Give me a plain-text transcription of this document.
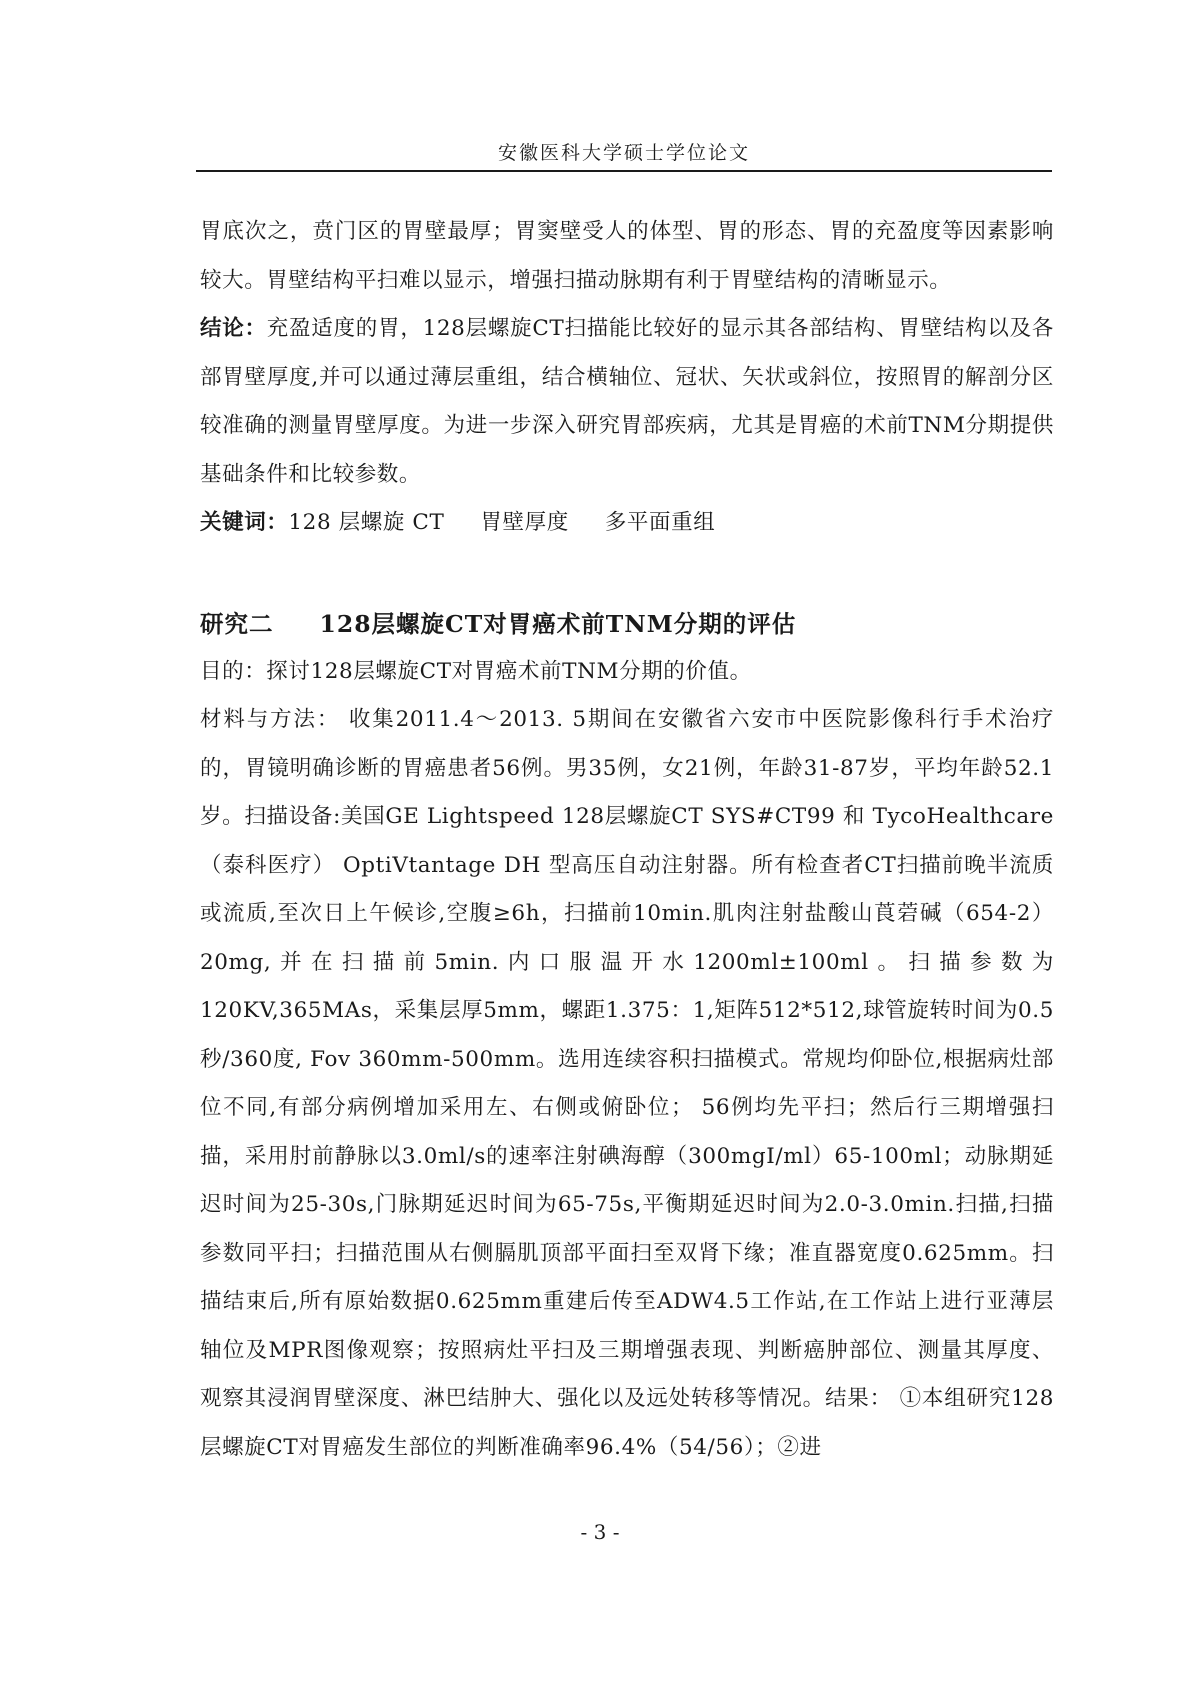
安徽医科大学硕士学位论文

胃底次之，贲门区的胃壁最厚；胃窦壁受人的体型、胃的形态、胃的充盈度等因素影响较大。胃壁结构平扫难以显示，增强扫描动脉期有利于胃壁结构的清晰显示。

结论：充盈适度的胃，128层螺旋CT扫描能比较好的显示其各部结构、胃壁结构以及各部胃壁厚度,并可以通过薄层重组，结合横轴位、冠状、矢状或斜位，按照胃的解剖分区较准确的测量胃壁厚度。为进一步深入研究胃部疾病，尤其是胃癌的术前TNM分期提供基础条件和比较参数。

关键词：128 层螺旋 CT 胃壁厚度 多平面重组

研究二 128层螺旋CT对胃癌术前TNM分期的评估

目的：探讨128层螺旋CT对胃癌术前TNM分期的价值。

材料与方法： 收集2011.4～2013. 5期间在安徽省六安市中医院影像科行手术治疗的，胃镜明确诊断的胃癌患者56例。男35例，女21例，年龄31-87岁，平均年龄52.1岁。扫描设备:美国GE Lightspeed 128层螺旋CT SYS#CT99 和 TycoHealthcare（泰科医疗） OptiVtantage DH 型高压自动注射器。所有检查者CT扫描前晚半流质或流质,至次日上午候诊,空腹≥6h，扫描前10min.肌肉注射盐酸山莨菪碱（654-2）20mg,并在扫描前5min.内口服温开水1200ml±100ml。扫描参数为120KV,365MAs，采集层厚5mm，螺距1.375：1,矩阵512*512,球管旋转时间为0.5秒/360度, Fov 360mm-500mm。选用连续容积扫描模式。常规均仰卧位,根据病灶部位不同,有部分病例增加采用左、右侧或俯卧位； 56例均先平扫；然后行三期增强扫描，采用肘前静脉以3.0ml/s的速率注射碘海醇（300mgI/ml）65-100ml；动脉期延迟时间为25-30s,门脉期延迟时间为65-75s,平衡期延迟时间为2.0-3.0min.扫描,扫描参数同平扫；扫描范围从右侧膈肌顶部平面扫至双肾下缘；准直器宽度0.625mm。扫描结束后,所有原始数据0.625mm重建后传至ADW4.5工作站,在工作站上进行亚薄层轴位及MPR图像观察；按照病灶平扫及三期增强表现、判断癌肿部位、测量其厚度、 观察其浸润胃壁深度、淋巴结肿大、强化以及远处转移等情况。结果： ①本组研究128层螺旋CT对胃癌发生部位的判断准确率96.4%（54/56）；②进

- 3 -
